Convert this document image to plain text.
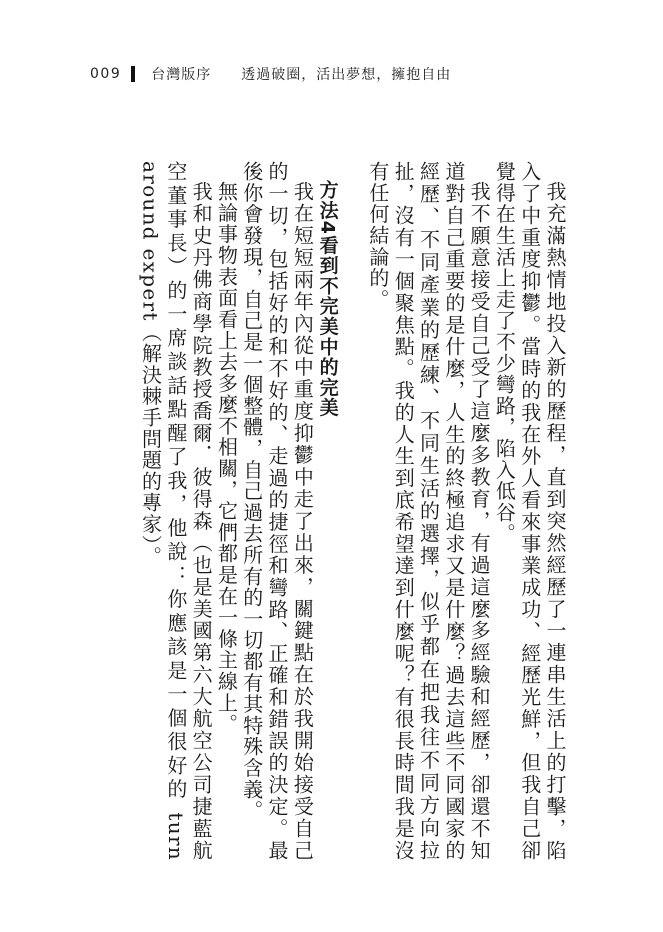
009 台灣版序 透過破圈，活出夢想，擁抱自由

我充滿熱情地投入新的歷程，直到突然經歷了一連串生活上的打擊，陷入了中重度抑鬱。當時的我在外人看來事業成功、經歷光鮮，但我自己卻覺得在生活上走了不少彎路，陷入低谷。

我不願意接受自己受了這麼多教育，有過這麼多經驗和經歷，卻還不知道對自己重要的是什麼，人生的終極追求又是什麼？過去這些不同國家的經歷、不同產業的歷練、不同生活的選擇，似乎都在把我往不同方向拉扯，沒有一個聚焦點。我的人生到底希望達到什麼呢？有很長時間我是沒有任何結論的。

方法4看到不完美中的完美

我在短短兩年內從中重度抑鬱中走了出來，關鍵點在於我開始接受自己的一切，包括好的和不好的、走過的捷徑和彎路、正確和錯誤的決定。最後你會發現，自己是一個整體，自己過去所有的一切都有其特殊含義。

無論事物表面看上去多麼不相關，它們都是在一條主線上。

我和史丹佛商學院教授喬爾．彼得森（也是美國第六大航空公司捷藍航空董事長）的一席談話點醒了我，他說：你應該是一個很好的 turn around expert（解決棘手問題的專家）。
